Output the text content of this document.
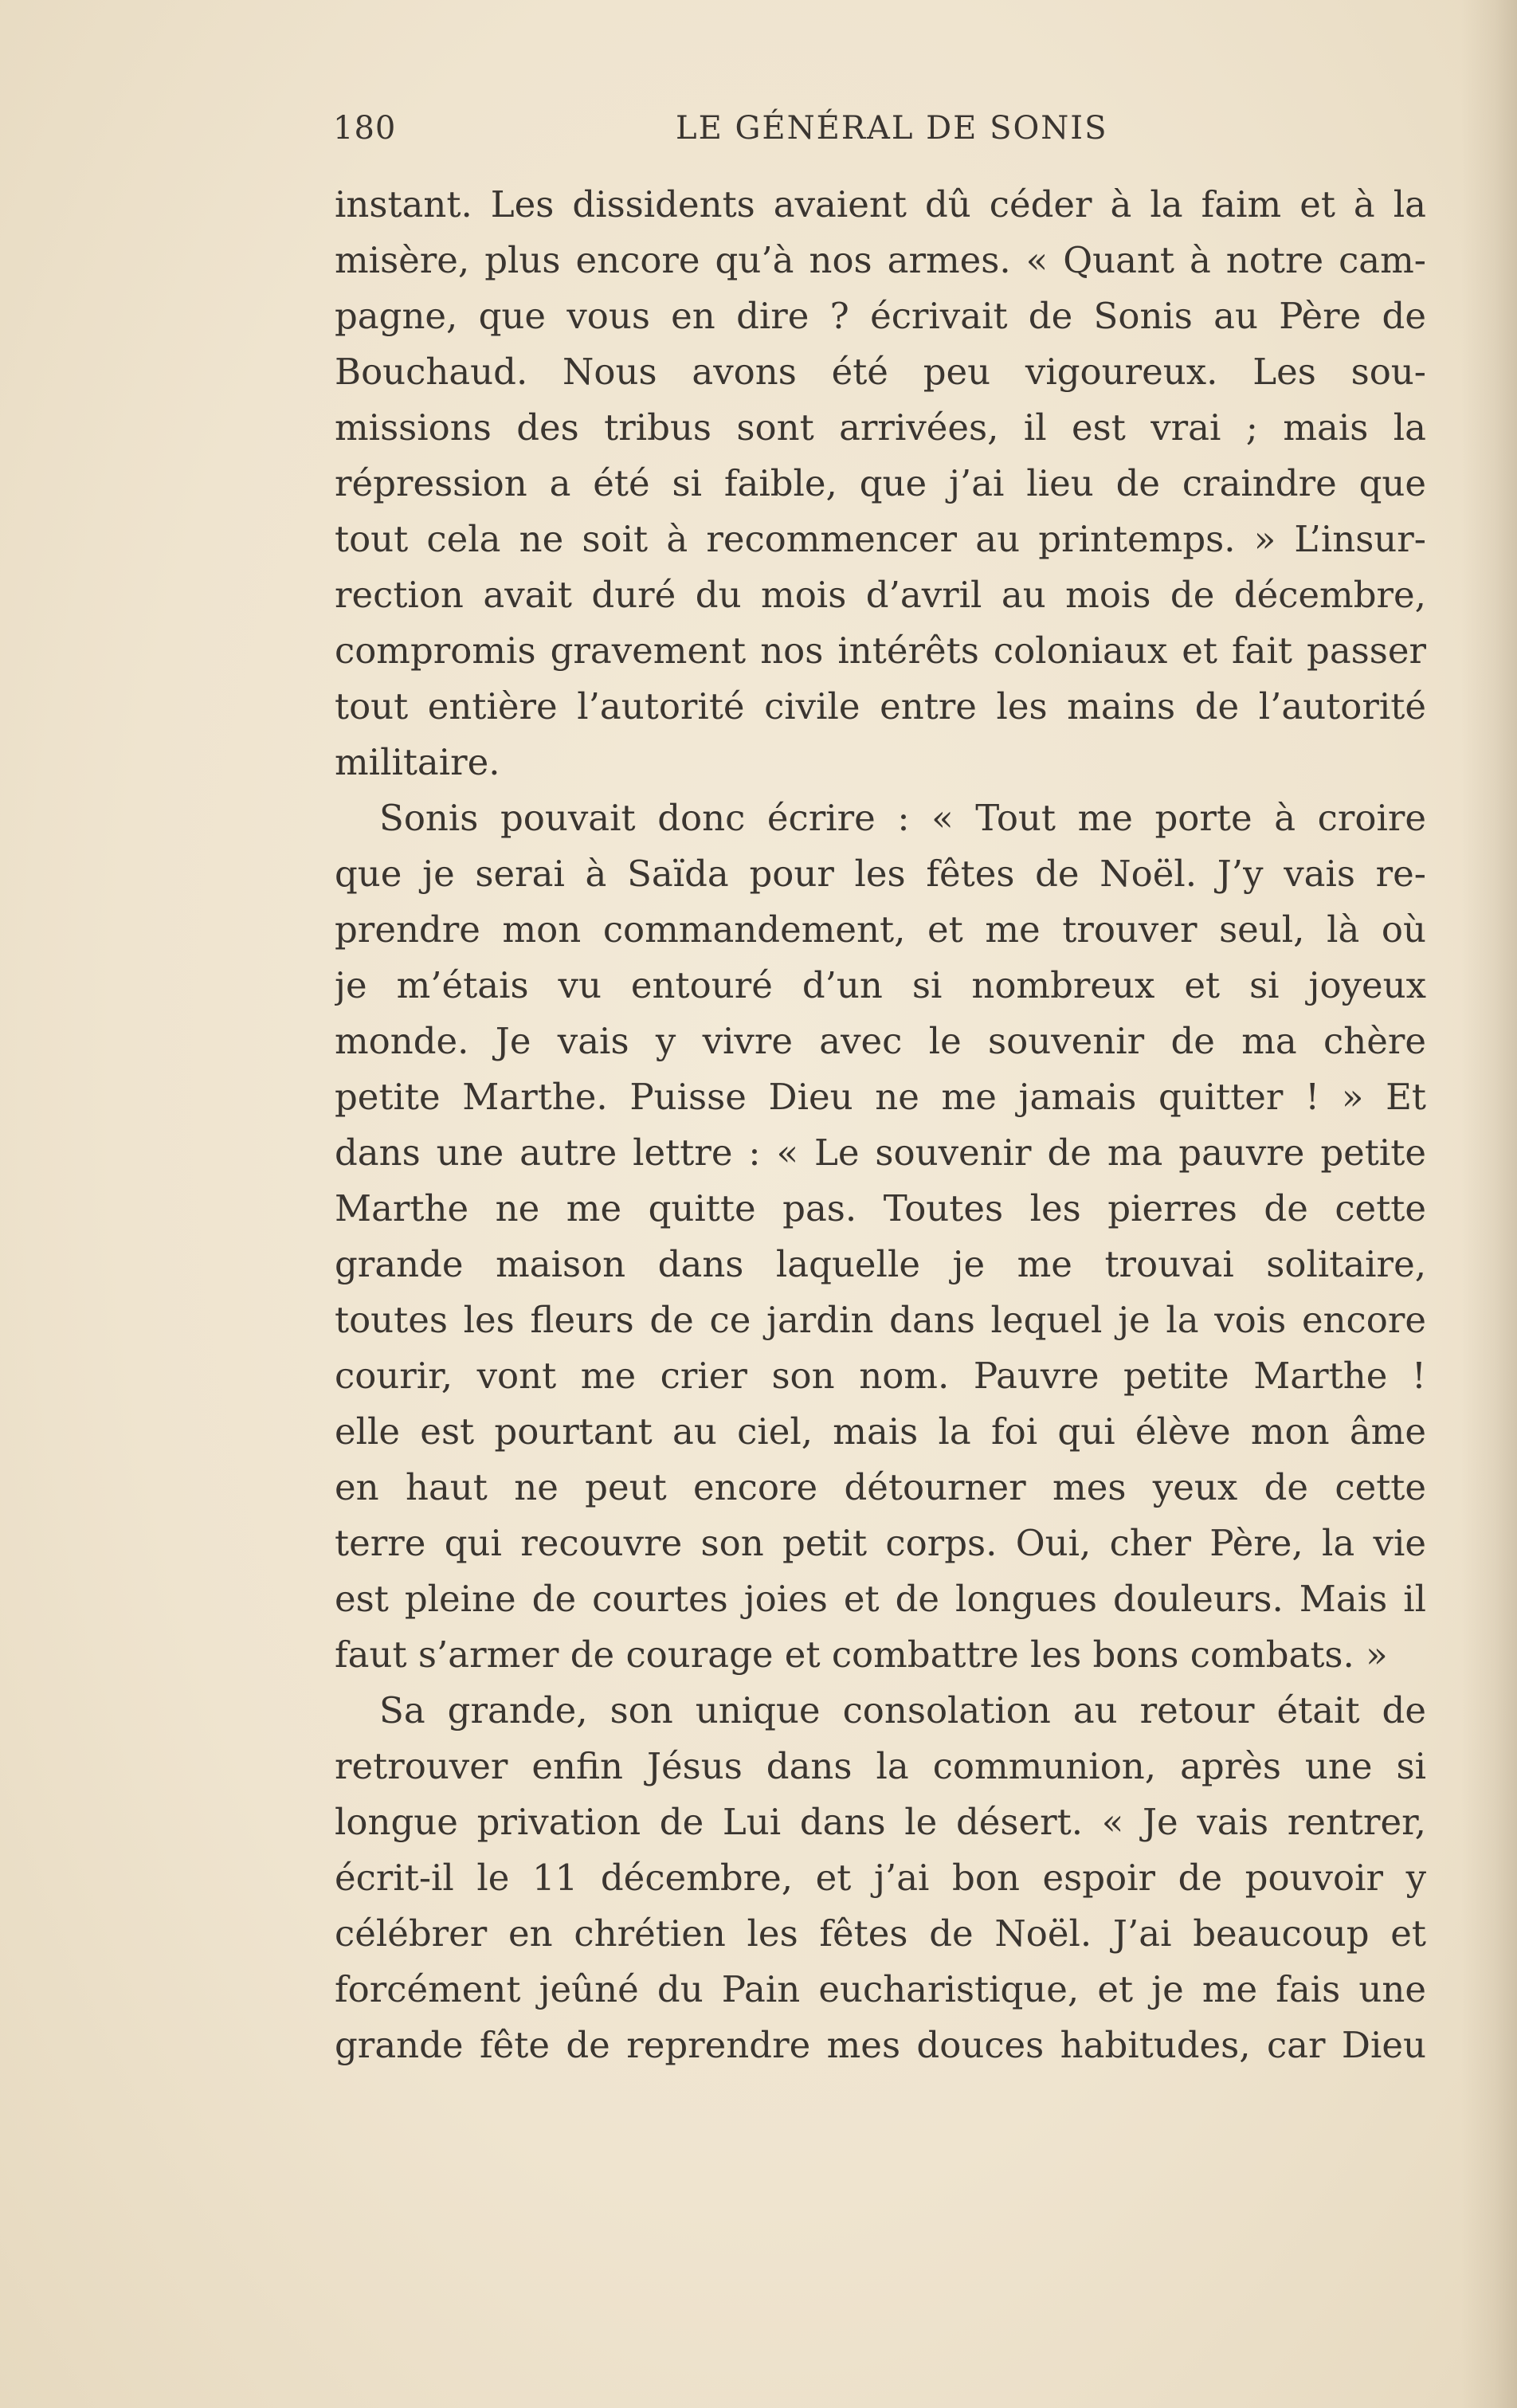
180	LE GÉNÉRAL DE SONIS
instant. Les dissidents avaient dû céder à la faim et à la
misère, plus encore qu’à nos armes. « Quant à notre cam-
pagne, que vous en dire ? écrivait de Sonis au Père de
Bouchaud. Nous avons été peu vigoureux. Les sou-
missions des tribus sont arrivées, il est vrai ; mais la
répression a été si faible, que j’ai lieu de craindre que
tout cela ne soit à recommencer au printemps. » L’insur-
rection avait duré du mois d’avril au mois de décembre,
compromis gravement nos intérêts coloniaux et fait passer
tout entière l’autorité civile entre les mains de l’autorité
militaire.
Sonis pouvait donc écrire : « Tout me porte à croire
que je serai à Saïda pour les fêtes de Noël. J’y vais re-
prendre mon commandement, et me trouver seul, là où
je m’étais vu entouré d’un si nombreux et si joyeux
monde. Je vais y vivre avec le souvenir de ma chère
petite Marthe. Puisse Dieu ne me jamais quitter ! » Et
dans une autre lettre : « Le souvenir de ma pauvre petite
Marthe ne me quitte pas. Toutes les pierres de cette
grande maison dans laquelle je me trouvai solitaire,
toutes les fleurs de ce jardin dans lequel je la vois encore
courir, vont me crier son nom. Pauvre petite Marthe !
elle est pourtant au ciel, mais la foi qui élève mon âme
en haut ne peut encore détourner mes yeux de cette
terre qui recouvre son petit corps. Oui, cher Père, la vie
est pleine de courtes joies et de longues douleurs. Mais il
faut s’armer de courage et combattre les bons combats. »
Sa grande, son unique consolation au retour était de
retrouver enfin Jésus dans la communion, après une si
longue privation de Lui dans le désert. « Je vais rentrer,
écrit-il le 11 décembre, et j’ai bon espoir de pouvoir y
célébrer en chrétien les fêtes de Noël. J’ai beaucoup et
forcément jeûné du Pain eucharistique, et je me fais une
grande fête de reprendre mes douces habitudes, car Dieu
